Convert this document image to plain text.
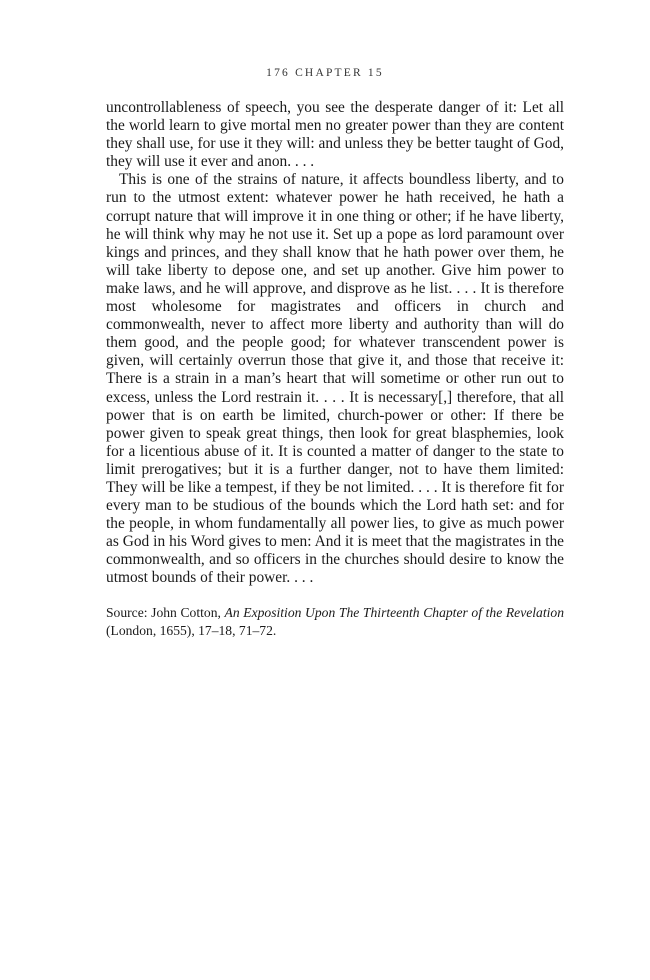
176 CHAPTER 15

uncontrollableness of speech, you see the desperate danger of it: Let all the world learn to give mortal men no greater power than they are content they shall use, for use it they will: and unless they be better taught of God, they will use it ever and anon. . . .

This is one of the strains of nature, it affects boundless liberty, and to run to the utmost extent: whatever power he hath received, he hath a corrupt nature that will improve it in one thing or other; if he have liberty, he will think why may he not use it. Set up a pope as lord paramount over kings and princes, and they shall know that he hath power over them, he will take liberty to depose one, and set up another. Give him power to make laws, and he will approve, and disprove as he list. . . . It is therefore most wholesome for magistrates and officers in church and commonwealth, never to affect more liberty and authority than will do them good, and the people good; for whatever transcendent power is given, will certainly overrun those that give it, and those that receive it: There is a strain in a man’s heart that will sometime or other run out to excess, unless the Lord restrain it. . . . It is necessary[,] therefore, that all power that is on earth be limited, church-power or other: If there be power given to speak great things, then look for great blasphemies, look for a licentious abuse of it. It is counted a matter of danger to the state to limit prerogatives; but it is a further danger, not to have them limited: They will be like a tempest, if they be not limited. . . . It is therefore fit for every man to be studious of the bounds which the Lord hath set: and for the people, in whom fundamentally all power lies, to give as much power as God in his Word gives to men: And it is meet that the magistrates in the commonwealth, and so officers in the churches should desire to know the utmost bounds of their power. . . .

Source: John Cotton, An Exposition Upon The Thirteenth Chapter of the Revelation (London, 1655), 17–18, 71–72.
